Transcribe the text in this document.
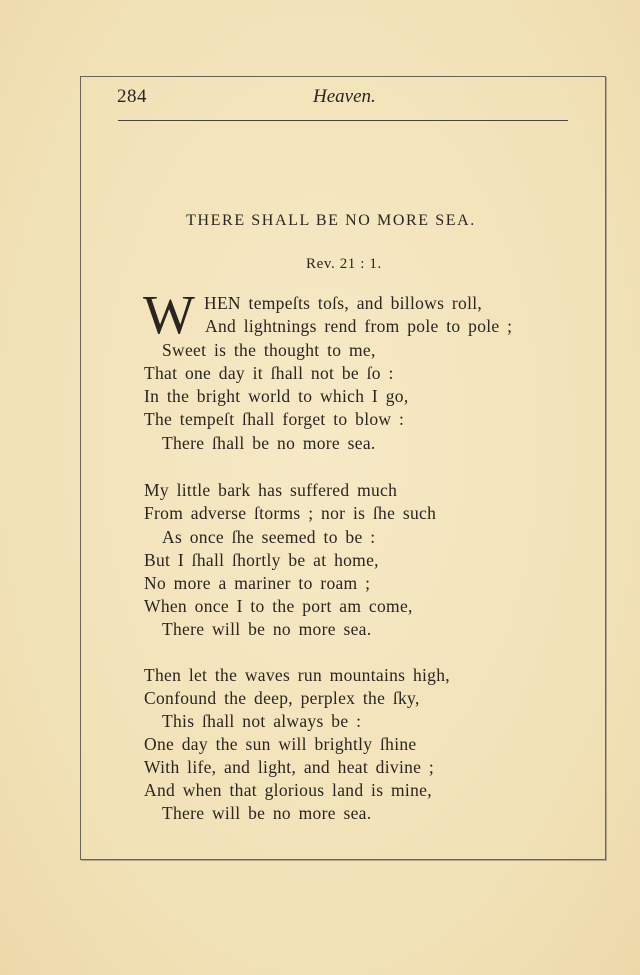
284	Heaven.
THERE SHALL BE NO MORE SEA.
Rev. 21 : 1.
W HEN tempeſts toſs, and billows roll,
And lightnings rend from pole to pole ;
Sweet is the thought to me,
That one day it ſhall not be ſo :
In the bright world to which I go,
The tempeſt ſhall forget to blow :
There ſhall be no more sea.
My little bark has suffered much
From adverse ſtorms ; nor is ſhe such
As once ſhe seemed to be :
But I ſhall ſhortly be at home,
No more a mariner to roam ;
When once I to the port am come,
There will be no more sea.
Then let the waves run mountains high,
Confound the deep, perplex the ſky,
This ſhall not always be :
One day the sun will brightly ſhine
With life, and light, and heat divine ;
And when that glorious land is mine,
There will be no more sea.
